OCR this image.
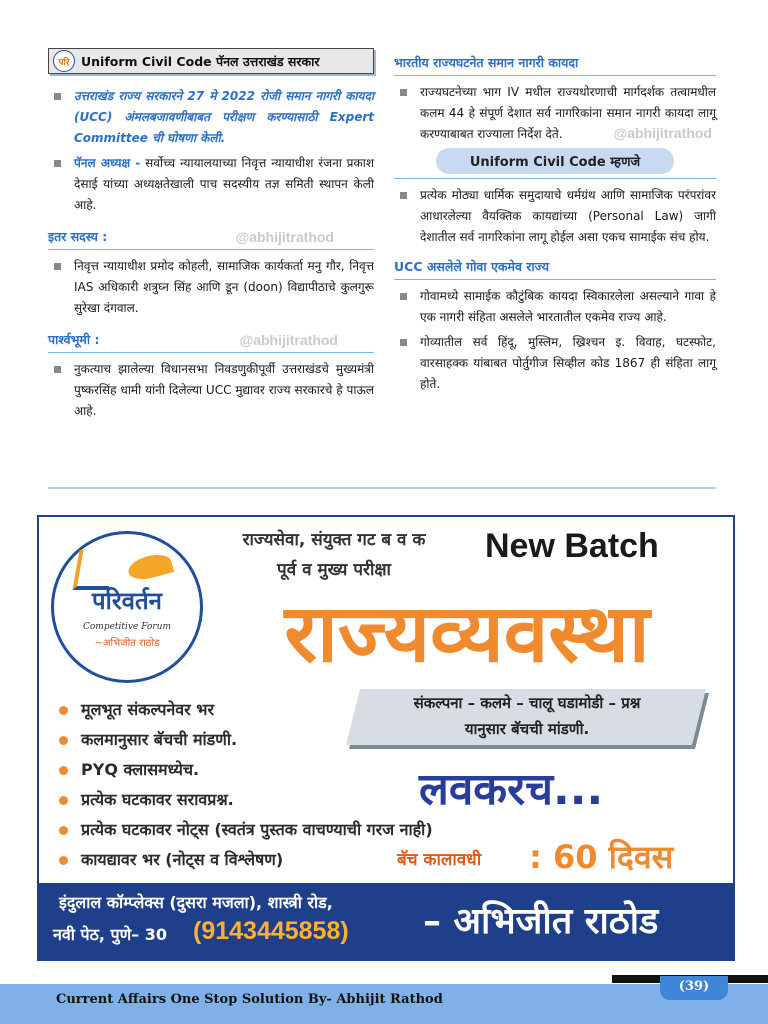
परि Uniform Civil Code पॅनल उत्तराखंड सरकार
उत्तराखंड राज्य सरकारने 27 मे 2022 रोजी समान नागरी कायदा (UCC) अंमलबजावणीबाबत परीक्षण करण्यासाठी Expert Committee ची घोषणा केली.
पॅनल अध्यक्ष - सर्वोच्च न्यायालयाच्या निवृत्त न्यायाधीश रंजना प्रकाश देसाई यांच्या अध्यक्षतेखाली पाच सदस्यीय तज्ञ समिती स्थापन केली आहे.
इतर सदस्य :	@abhijitrathod
निवृत्त न्यायाधीश प्रमोद कोहली, सामाजिक कार्यकर्ता मनु गौर, निवृत्त IAS अधिकारी शत्रुघ्न सिंह आणि डून (doon) विद्यापीठाचे कुलगुरू सुरेखा दंगवाल.
पार्श्वभूमी :	@abhijitrathod
नुकत्याच झालेल्या विधानसभा निवडणुकीपूर्वी उत्तराखंडचे मुख्यमंत्री पुष्करसिंह धामी यांनी दिलेल्या UCC मुद्यावर राज्य सरकारचे हे पाऊल आहे.
भारतीय राज्यघटनेत समान नागरी कायदा
राज्यघटनेच्या भाग IV मधील राज्यधोरणाची मार्गदर्शक तत्वामधील कलम 44 हे संपूर्ण देशात सर्व नागरिकांना समान नागरी कायदा लागू करण्याबाबत राज्याला निर्देश देते.	@abhijitrathod
Uniform Civil Code म्हणजे
प्रत्येक मोठ्या धार्मिक समुदायाचे धर्मग्रंथ आणि सामाजिक परंपरांवर आधारलेल्या वैयक्तिक कायद्यांच्या (Personal Law) जागी देशातील सर्व नागरिकांना लागू होईल असा एकच सामाईक संच होय.
UCC असलेले गोवा एकमेव राज्य
गोवामध्ये सामाईक कौटुंबिक कायदा स्विकारलेला असल्याने गावा हे एक नागरी संहिता असलेले भारतातील एकमेव राज्य आहे.
गोव्यातील सर्व हिंदू, मुस्लिम, ख्रिश्चन इ. विवाह, घटस्फोट, वारसाहक्क यांबाबत पोर्तुगीज सिव्हील कोड 1867 ही संहिता लागू होते.
परिवर्तन
Competitive Forum
~अभिजीत राठोड
राज्यसेवा, संयुक्त गट ब व क
पूर्व व मुख्य परीक्षा
New Batch
राज्यव्यवस्था
मूलभूत संकल्पनेवर भर
कलमानुसार बॅचची मांडणी.
PYQ क्लासमध्येच.
प्रत्येक घटकावर सरावप्रश्न.
प्रत्येक घटकावर नोट्स (स्वतंत्र पुस्तक वाचण्याची गरज नाही)
कायद्यावर भर (नोट्स व विश्लेषण)
संकल्पना – कलमे – चालू घडामोडी – प्रश्न
यानुसार बॅचची मांडणी.
लवकरच...
बॅच कालावधी : 60 दिवस
इंदुलाल कॉम्प्लेक्स (दुसरा मजला), शास्त्री रोड,
नवी पेठ, पुणे– 30 (9143445858) – अभिजीत राठोड
Current Affairs One Stop Solution By- Abhijit Rathod
(39)
